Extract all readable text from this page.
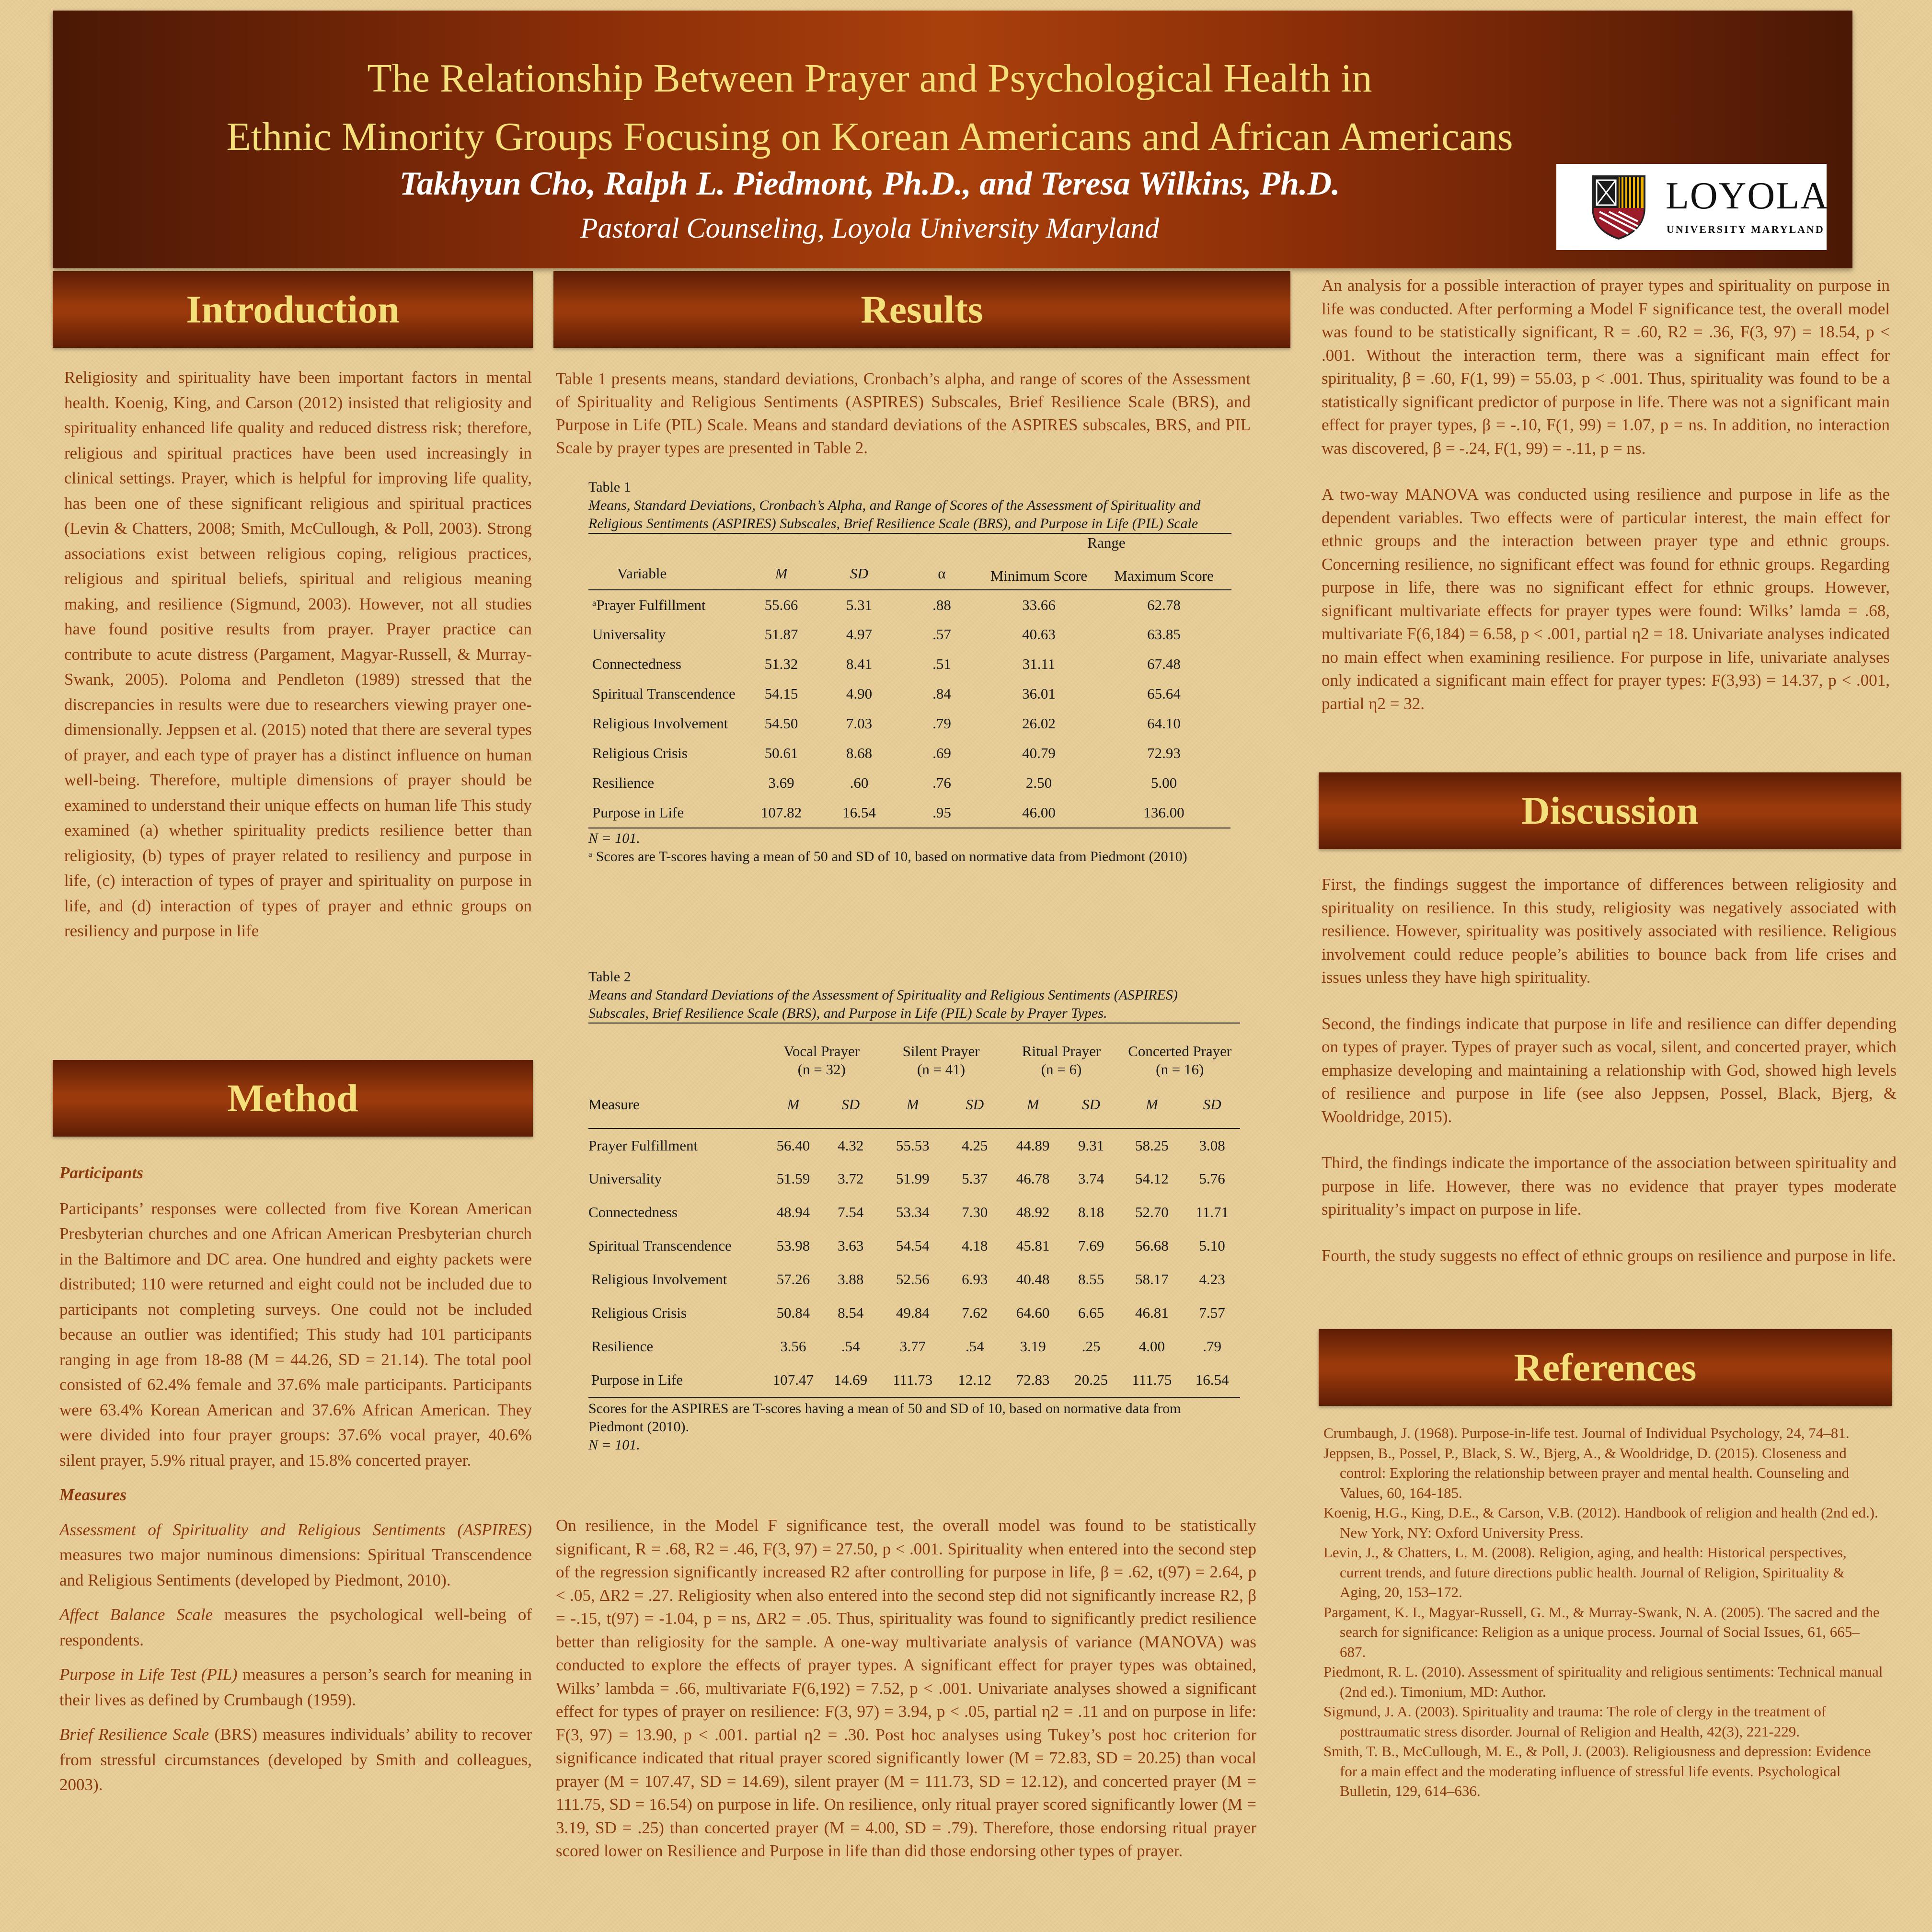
The Relationship Between Prayer and Psychological Health in
Ethnic Minority Groups Focusing on Korean Americans and African Americans
Takhyun Cho, Ralph L. Piedmont, Ph.D., and Teresa Wilkins, Ph.D.
Pastoral Counseling, Loyola University Maryland
LOYOLA
UNIVERSITY MARYLAND
Introduction

Religiosity and spirituality have been important factors in mental health. Koenig, King, and Carson (2012) insisted that religiosity and spirituality enhanced life quality and reduced distress risk; therefore, religious and spiritual practices have been used increasingly in clinical settings. Prayer, which is helpful for improving life quality, has been one of these significant religious and spiritual practices (Levin & Chatters, 2008; Smith, McCullough, & Poll, 2003). Strong associations exist between religious coping, religious practices, religious and spiritual beliefs, spiritual and religious meaning making, and resilience (Sigmund, 2003). However, not all studies have found positive results from prayer. Prayer practice can contribute to acute distress (Pargament, Magyar-Russell, & Murray-Swank, 2005). Poloma and Pendleton (1989) stressed that the discrepancies in results were due to researchers viewing prayer one-dimensionally. Jeppsen et al. (2015) noted that there are several types of prayer, and each type of prayer has a distinct influence on human well-being. Therefore, multiple dimensions of prayer should be examined to understand their unique effects on human life This study examined (a) whether spirituality predicts resilience better than religiosity, (b) types of prayer related to resiliency and purpose in life, (c) interaction of types of prayer and spirituality on purpose in life, and (d) interaction of types of prayer and ethnic groups on resiliency and purpose in life

Method

Participants

Participants’ responses were collected from five Korean American Presbyterian churches and one African American Presbyterian church in the Baltimore and DC area. One hundred and eighty packets were distributed; 110 were returned and eight could not be included due to participants not completing surveys. One could not be included because an outlier was identified; This study had 101 participants ranging in age from 18-88 (M = 44.26, SD = 21.14). The total pool consisted of 62.4% female and 37.6% male participants. Participants were 63.4% Korean American and 37.6% African American. They were divided into four prayer groups: 37.6% vocal prayer, 40.6% silent prayer, 5.9% ritual prayer, and 15.8% concerted prayer.

Measures

Assessment of Spirituality and Religious Sentiments (ASPIRES) measures two major numinous dimensions: Spiritual Transcendence and Religious Sentiments (developed by Piedmont, 2010).

Affect Balance Scale measures the psychological well-being of respondents.

Purpose in Life Test (PIL) measures a person’s search for meaning in their lives as defined by Crumbaugh (1959).

Brief Resilience Scale (BRS) measures individuals’ ability to recover from stressful circumstances (developed by Smith and colleagues, 2003).

Results

Table 1 presents means, standard deviations, Cronbach’s alpha, and range of scores of the Assessment of Spirituality and Religious Sentiments (ASPIRES) Subscales, Brief Resilience Scale (BRS), and Purpose in Life (PIL) Scale. Means and standard deviations of the ASPIRES subscales, BRS, and PIL Scale by prayer types are presented in Table 2.

Table 1
Means, Standard Deviations, Cronbach’s Alpha, and Range of Scores of the Assessment of Spirituality and Religious Sentiments (ASPIRES) Subscales, Brief Resilience Scale (BRS), and Purpose in Life (PIL) Scale
				Range	
Variable	M	SD	α	Minimum Score	Maximum Score
ᵃPrayer Fulfillment	55.66	5.31	.88	33.66	62.78
Universality	51.87	4.97	.57	40.63	63.85
Connectedness	51.32	8.41	.51	31.11	67.48
Spiritual Transcendence	54.15	4.90	.84	36.01	65.64
Religious Involvement	54.50	7.03	.79	26.02	64.10
Religious Crisis	50.61	8.68	.69	40.79	72.93
Resilience	3.69	.60	.76	2.50	5.00
Purpose in Life	107.82	16.54	.95	46.00	136.00
N = 101.
ᵃ Scores are T-scores having a mean of 50 and SD of 10, based on normative data from Piedmont (2010)
Table 2
Means and Standard Deviations of the Assessment of Spirituality and Religious Sentiments (ASPIRES) Subscales, Brief Resilience Scale (BRS), and Purpose in Life (PIL) Scale by Prayer Types.
	Vocal Prayer
(n = 32)		Silent Prayer
(n = 41)		Ritual Prayer
(n = 6)		Concerted Prayer
(n = 16)	
Measure	M	SD	M	SD	M	SD	M	SD
Prayer Fulfillment	56.40	4.32	55.53	4.25	44.89	9.31	58.25	3.08
Universality	51.59	3.72	51.99	5.37	46.78	3.74	54.12	5.76
Connectedness	48.94	7.54	53.34	7.30	48.92	8.18	52.70	11.71
Spiritual Transcendence	53.98	3.63	54.54	4.18	45.81	7.69	56.68	5.10
Religious Involvement	57.26	3.88	52.56	6.93	40.48	8.55	58.17	4.23
Religious Crisis	50.84	8.54	49.84	7.62	64.60	6.65	46.81	7.57
Resilience	3.56	.54	3.77	.54	3.19	.25	4.00	.79
Purpose in Life	107.47	14.69	111.73	12.12	72.83	20.25	111.75	16.54
Scores for the ASPIRES are T-scores having a mean of 50 and SD of 10, based on normative data from Piedmont (2010).
N = 101.

On resilience, in the Model F significance test, the overall model was found to be statistically significant, R = .68, R2 = .46, F(3, 97) = 27.50, p < .001. Spirituality when entered into the second step of the regression significantly increased R2 after controlling for purpose in life, β = .62, t(97) = 2.64, p < .05, ΔR2 = .27. Religiosity when also entered into the second step did not significantly increase R2, β = -.15, t(97) = -1.04, p = ns, ΔR2 = .05. Thus, spirituality was found to significantly predict resilience better than religiosity for the sample. A one-way multivariate analysis of variance (MANOVA) was conducted to explore the effects of prayer types. A significant effect for prayer types was obtained, Wilks’ lambda = .66, multivariate F(6,192) = 7.52, p < .001. Univariate analyses showed a significant effect for types of prayer on resilience: F(3, 97) = 3.94, p < .05, partial η2 = .11 and on purpose in life: F(3, 97) = 13.90, p < .001. partial η2 = .30. Post hoc analyses using Tukey’s post hoc criterion for significance indicated that ritual prayer scored significantly lower (M = 72.83, SD = 20.25) than vocal prayer (M = 107.47, SD = 14.69), silent prayer (M = 111.73, SD = 12.12), and concerted prayer (M = 111.75, SD = 16.54) on purpose in life. On resilience, only ritual prayer scored significantly lower (M = 3.19, SD = .25) than concerted prayer (M = 4.00, SD = .79). Therefore, those endorsing ritual prayer scored lower on Resilience and Purpose in life than did those endorsing other types of prayer.

An analysis for a possible interaction of prayer types and spirituality on purpose in life was conducted. After performing a Model F significance test, the overall model was found to be statistically significant, R = .60, R2 = .36, F(3, 97) = 18.54, p < .001. Without the interaction term, there was a significant main effect for spirituality, β = .60, F(1, 99) = 55.03, p < .001. Thus, spirituality was found to be a statistically significant predictor of purpose in life. There was not a significant main effect for prayer types, β = -.10, F(1, 99) = 1.07, p = ns. In addition, no interaction was discovered, β = -.24, F(1, 99) = -.11, p = ns.

A two-way MANOVA was conducted using resilience and purpose in life as the dependent variables. Two effects were of particular interest, the main effect for ethnic groups and the interaction between prayer type and ethnic groups. Concerning resilience, no significant effect was found for ethnic groups. Regarding purpose in life, there was no significant effect for ethnic groups. However, significant multivariate effects for prayer types were found: Wilks’ lamda = .68, multivariate F(6,184) = 6.58, p < .001, partial η2 = 18. Univariate analyses indicated no main effect when examining resilience. For purpose in life, univariate analyses only indicated a significant main effect for prayer types: F(3,93) = 14.37, p < .001, partial η2 = 32.

Discussion

First, the findings suggest the importance of differences between religiosity and spirituality on resilience. In this study, religiosity was negatively associated with resilience. However, spirituality was positively associated with resilience. Religious involvement could reduce people’s abilities to bounce back from life crises and issues unless they have high spirituality.

Second, the findings indicate that purpose in life and resilience can differ depending on types of prayer. Types of prayer such as vocal, silent, and concerted prayer, which emphasize developing and maintaining a relationship with God, showed high levels of resilience and purpose in life (see also Jeppsen, Possel, Black, Bjerg, & Wooldridge, 2015).

Third, the findings indicate the importance of the association between spirituality and purpose in life. However, there was no evidence that prayer types moderate spirituality’s impact on purpose in life.

Fourth, the study suggests no effect of ethnic groups on resilience and purpose in life.

References

Crumbaugh, J. (1968). Purpose-in-life test. Journal of Individual Psychology, 24, 74–81.

Jeppsen, B., Possel, P., Black, S. W., Bjerg, A., & Wooldridge, D. (2015). Closeness and control: Exploring the relationship between prayer and mental health. Counseling and Values, 60, 164-185.

Koenig, H.G., King, D.E., & Carson, V.B. (2012). Handbook of religion and health (2nd ed.). New York, NY: Oxford University Press.

Levin, J., & Chatters, L. M. (2008). Religion, aging, and health: Historical perspectives, current trends, and future directions public health. Journal of Religion, Spirituality & Aging, 20, 153–172.

Pargament, K. I., Magyar-Russell, G. M., & Murray-Swank, N. A. (2005). The sacred and the search for significance: Religion as a unique process. Journal of Social Issues, 61, 665–687.

Piedmont, R. L. (2010). Assessment of spirituality and religious sentiments: Technical manual (2nd ed.). Timonium, MD: Author.

Sigmund, J. A. (2003). Spirituality and trauma: The role of clergy in the treatment of posttraumatic stress disorder. Journal of Religion and Health, 42(3), 221-229.

Smith, T. B., McCullough, M. E., & Poll, J. (2003). Religiousness and depression: Evidence for a main effect and the moderating influence of stressful life events. Psychological Bulletin, 129, 614–636.
